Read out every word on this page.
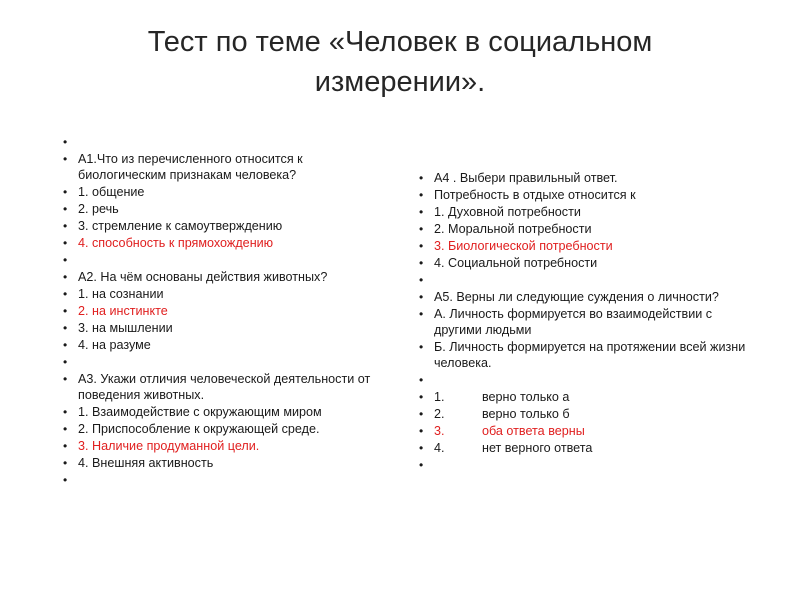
Тест по теме «Человек в социальном
измерении».
•
• А1.Что из перечисленного относится к биологическим признакам человека?
• 1. общение
• 2. речь
• 3. стремление к самоутверждению
• 4. способность к прямохождению
•
• А2. На чём основаны действия животных?
• 1. на сознании
• 2. на инстинкте
• 3. на мышлении
• 4. на разуме
•
• А3. Укажи отличия человеческой деятельности от поведения животных.
• 1. Взаимодействие с окружающим миром
• 2. Приспособление к окружающей среде.
• 3. Наличие продуманной цели.
• 4. Внешняя активность
•
• А4 . Выбери правильный ответ.
• Потребность в отдыхе относится к
• 1. Духовной потребности
• 2. Моральной потребности
• 3. Биологической потребности
• 4. Социальной потребности
•
• А5. Верны ли следующие суждения о личности?
• А. Личность формируется во взаимодействии с другими людьми
• Б. Личность формируется на протяжении всей жизни человека.
•
• 1.	верно только а
• 2.	верно только б
• 3.	оба ответа верны
• 4.	нет верного ответа
•
